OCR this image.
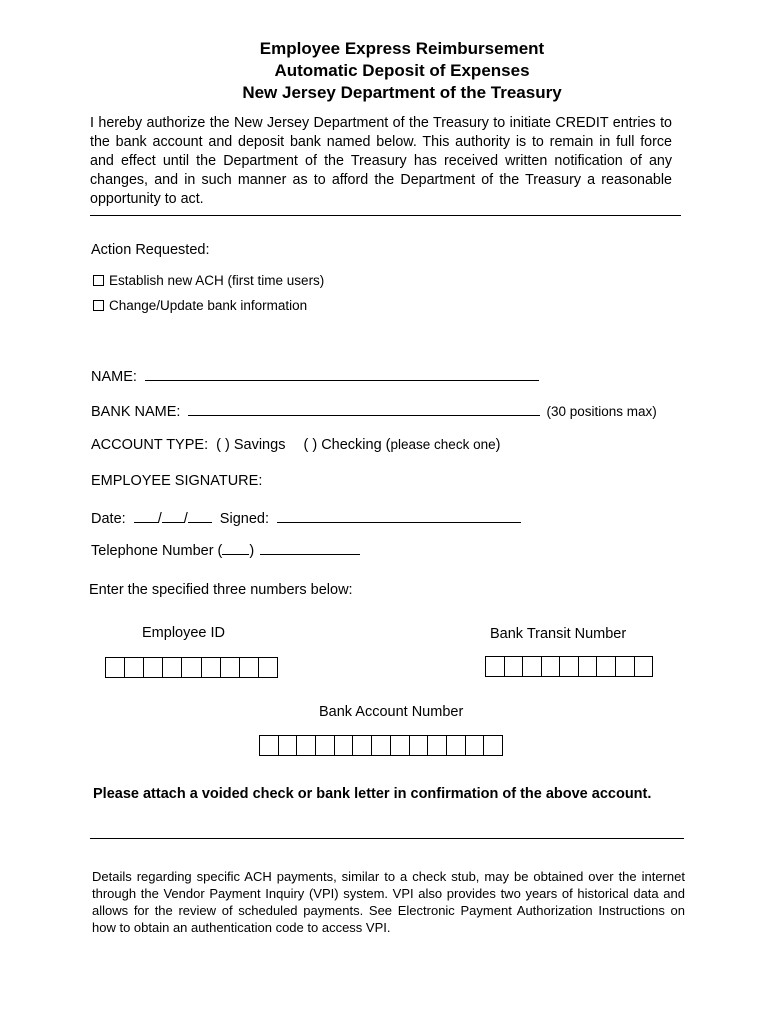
Employee Express Reimbursement
Automatic Deposit of Expenses
New Jersey Department of the Treasury
I hereby authorize the New Jersey Department of the Treasury to initiate CREDIT entries to the bank account and deposit bank named below. This authority is to remain in full force and effect until the Department of the Treasury has received written notification of any changes, and in such manner as to afford the Department of the Treasury a reasonable opportunity to act.
Action Requested:
Establish new ACH (first time users)
Change/Update bank information
NAME:
BANK NAME:	(30 positions max)
ACCOUNT TYPE: ( ) Savings ( ) Checking (please check one)
EMPLOYEE SIGNATURE:
Date: / / Signed:
Telephone Number ( )
Enter the specified three numbers below:
Employee ID	Bank Transit Number
Bank Account Number
Please attach a voided check or bank letter in confirmation of the above account.
Details regarding specific ACH payments, similar to a check stub, may be obtained over the internet through the Vendor Payment Inquiry (VPI) system. VPI also provides two years of historical data and allows for the review of scheduled payments. See Electronic Payment Authorization Instructions on how to obtain an authentication code to access VPI.
